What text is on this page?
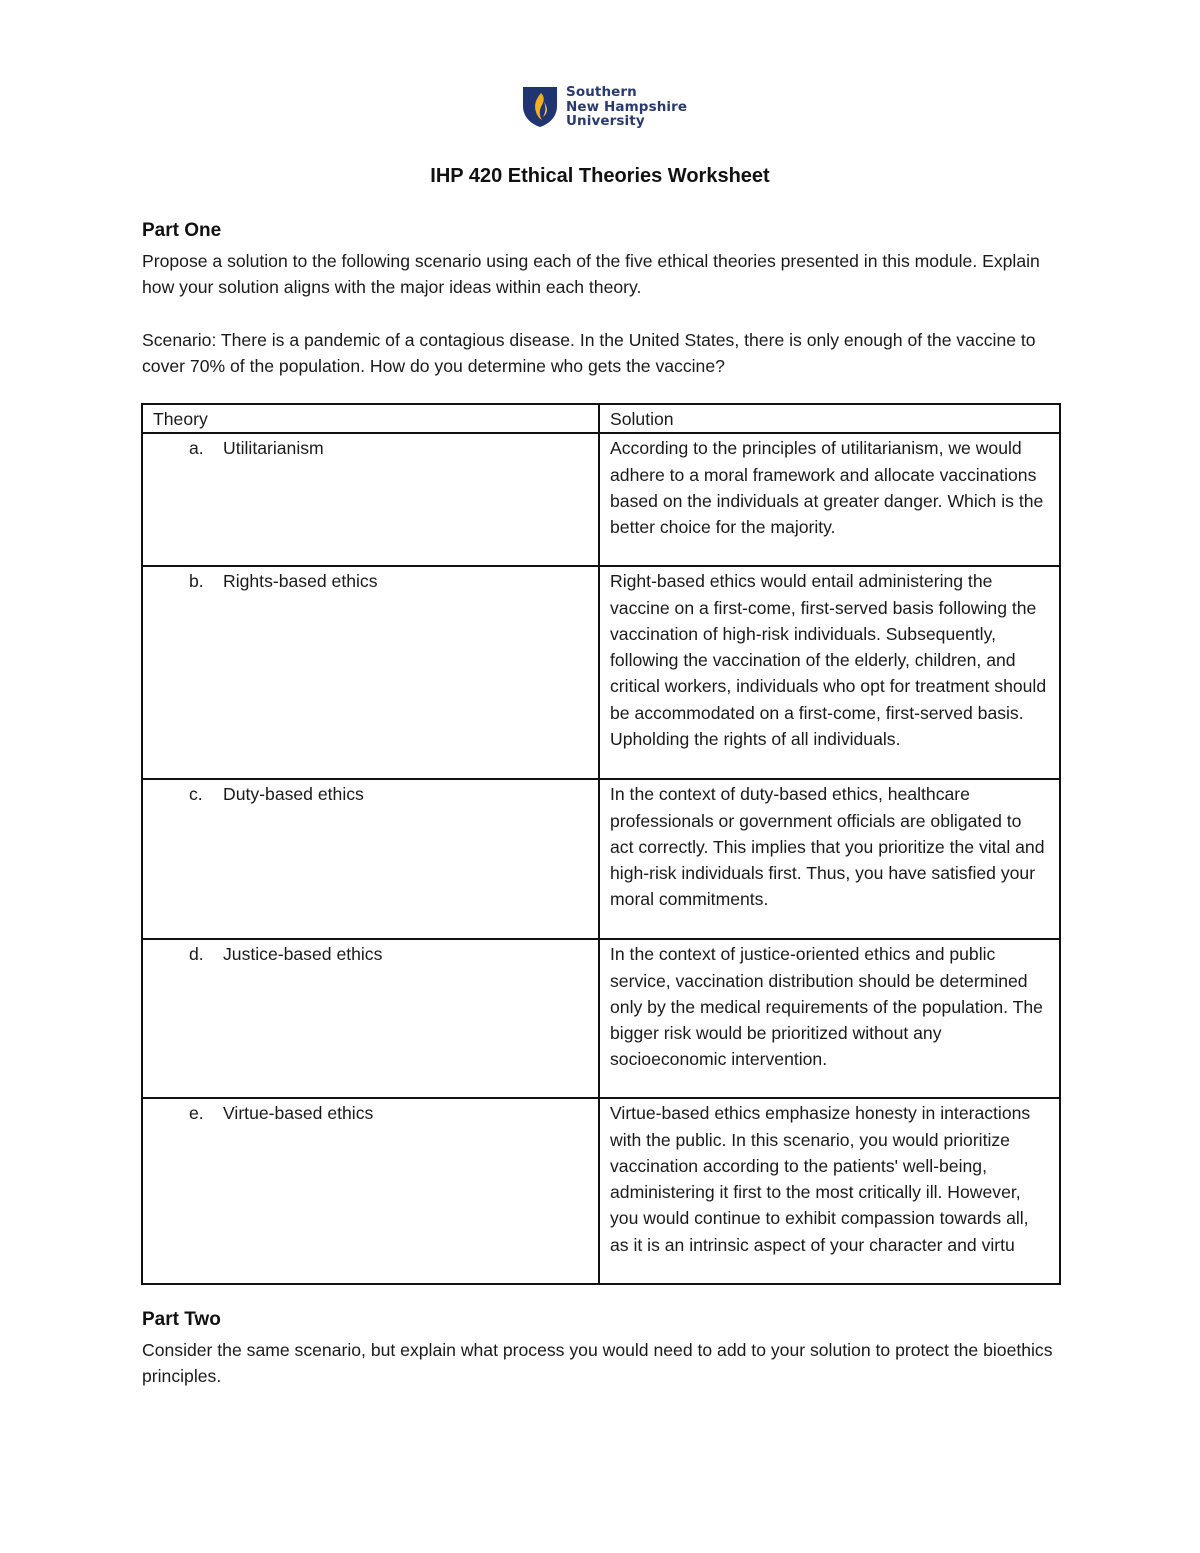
Southern
New Hampshire
University
IHP 420 Ethical Theories Worksheet
Part One
Propose a solution to the following scenario using each of the five ethical theories presented in this module. Explain how your solution aligns with the major ideas within each theory.
Scenario: There is a pandemic of a contagious disease. In the United States, there is only enough of the vaccine to cover 70% of the population. How do you determine who gets the vaccine?
Theory	Solution
a. Utilitarianism	According to the principles of utilitarianism, we would adhere to a moral framework and allocate vaccinations based on the individuals at greater danger. Which is the better choice for the majority.
b. Rights-based ethics	Right-based ethics would entail administering the vaccine on a first-come, first-served basis following the vaccination of high-risk individuals. Subsequently, following the vaccination of the elderly, children, and critical workers, individuals who opt for treatment should be accommodated on a first-come, first-served basis. Upholding the rights of all individuals.
c. Duty-based ethics	In the context of duty-based ethics, healthcare professionals or government officials are obligated to act correctly. This implies that you prioritize the vital and high-risk individuals first. Thus, you have satisfied your moral commitments.
d. Justice-based ethics	In the context of justice-oriented ethics and public service, vaccination distribution should be determined only by the medical requirements of the population. The bigger risk would be prioritized without any socioeconomic intervention.
e. Virtue-based ethics	Virtue-based ethics emphasize honesty in interactions with the public. In this scenario, you would prioritize vaccination according to the patients' well-being, administering it first to the most critically ill. However, you would continue to exhibit compassion towards all, as it is an intrinsic aspect of your character and virtu
Part Two
Consider the same scenario, but explain what process you would need to add to your solution to protect the bioethics principles.
